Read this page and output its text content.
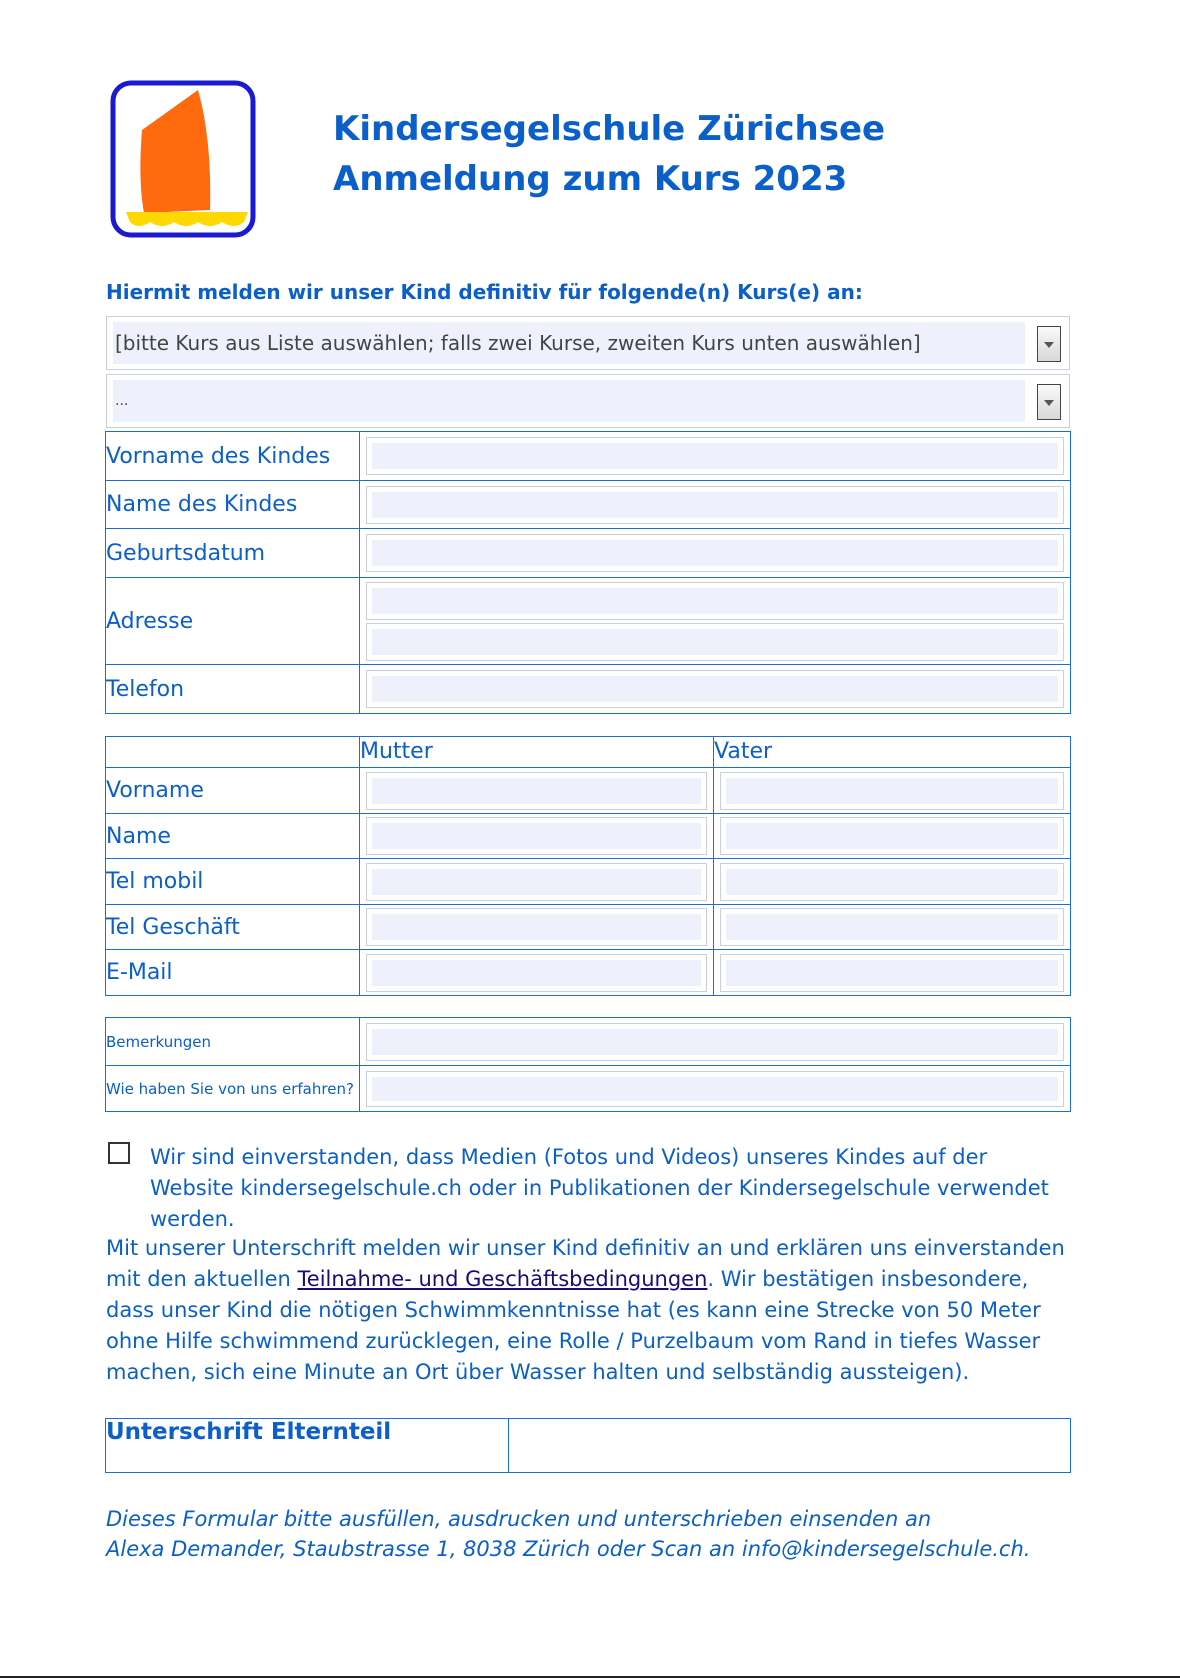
Kindersegelschule Zürichsee
Anmeldung zum Kurs 2023
Hiermit melden wir unser Kind definitiv für folgende(n) Kurs(e) an:
[bitte Kurs aus Liste auswählen; falls zwei Kurse, zweiten Kurs unten auswählen]
...
Vorname des Kindes	

Name des Kindes	

Geburtsdatum	

Adresse	

Telefon	
	Mutter	Vater
Vorname	

Name	

Tel mobil	

Tel Geschäft	

E-Mail	

Bemerkungen	

Wie haben Sie von uns erfahren?	
Wir sind einverstanden, dass Medien (Fotos und Videos) unseres Kindes auf der Website kindersegelschule.ch oder in Publikationen der Kindersegelschule verwendet werden.
Mit unserer Unterschrift melden wir unser Kind definitiv an und erklären uns einverstanden mit den aktuellen Teilnahme- und Geschäftsbedingungen. Wir bestätigen insbesondere, dass unser Kind die nötigen Schwimmkenntnisse hat (es kann eine Strecke von 50 Meter ohne Hilfe schwimmend zurücklegen, eine Rolle / Purzelbaum vom Rand in tiefes Wasser machen, sich eine Minute an Ort über Wasser halten und selbständig aussteigen).
Unterschrift Elternteil	
Dieses Formular bitte ausfüllen, ausdrucken und unterschrieben einsenden an
Alexa Demander, Staubstrasse 1, 8038 Zürich oder Scan an info@kindersegelschule.ch.
